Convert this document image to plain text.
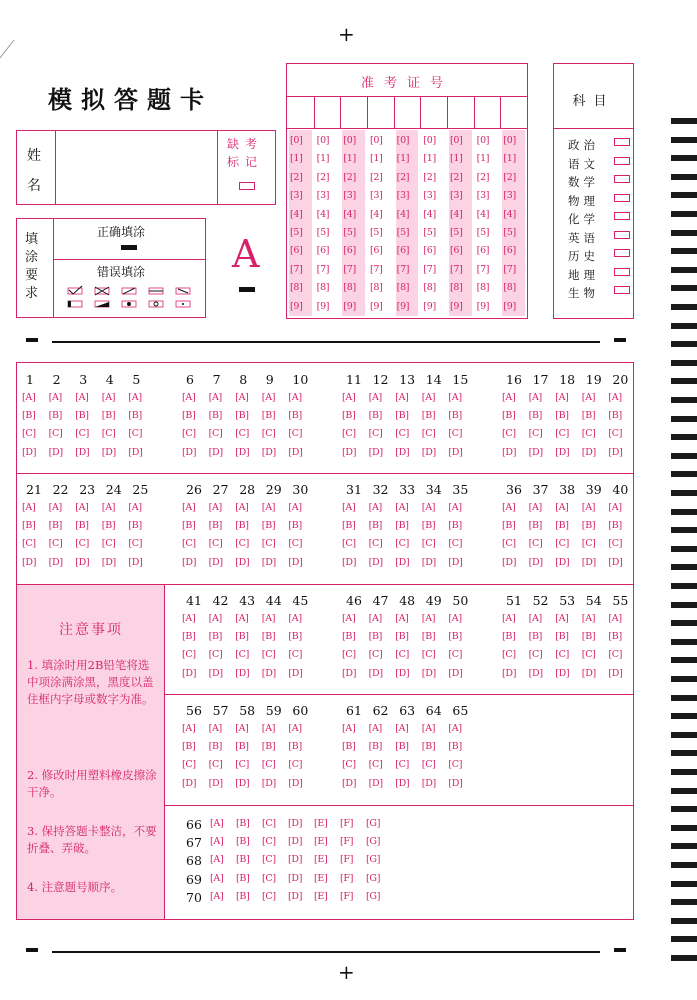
+
+
模拟答题卡
姓
名
缺考
标记
填
涂
要
求
正确填涂
错误填涂 A
准考证号
[0] [0] [0] [0] [0] [0] [0] [0] [0]
[1] [1] [1] [1] [1] [1] [1] [1] [1]
[2] [2] [2] [2] [2] [2] [2] [2] [2]
[3] [3] [3] [3] [3] [3] [3] [3] [3]
[4] [4] [4] [4] [4] [4] [4] [4] [4]
[5] [5] [5] [5] [5] [5] [5] [5] [5]
[6] [6] [6] [6] [6] [6] [6] [6] [6]
[7] [7] [7] [7] [7] [7] [7] [7] [7]
[8] [8] [8] [8] [8] [8] [8] [8] [8]
[9] [9] [9] [9] [9] [9] [9] [9] [9]
科目
政治
语文
数学
物理
化学
英语
历史
地理
生物
注意事项
1. 填涂时用2B铅笔将选中项涂满涂黑，黑度以盖住框内字母或数字为准。
2. 修改时用塑料橡皮擦涂干净。
3. 保持答题卡整洁，不要折叠、弄破。
4. 注意题号顺序。
1
[A]
[B]
[C]
[D]
2
[A]
[B]
[C]
[D]
3
[A]
[B]
[C]
[D]
4
[A]
[B]
[C]
[D]
5
[A]
[B]
[C]
[D]
21
[A]
[B]
[C]
[D]
22
[A]
[B]
[C]
[D]
23
[A]
[B]
[C]
[D]
24
[A]
[B]
[C]
[D]
25
[A]
[B]
[C]
[D]
6
[A]
[B]
[C]
[D]
7
[A]
[B]
[C]
[D]
8
[A]
[B]
[C]
[D]
9
[A]
[B]
[C]
[D]
10
[A]
[B]
[C]
[D]
26
[A]
[B]
[C]
[D]
27
[A]
[B]
[C]
[D]
28
[A]
[B]
[C]
[D]
29
[A]
[B]
[C]
[D]
30
[A]
[B]
[C]
[D]
11
[A]
[B]
[C]
[D]
12
[A]
[B]
[C]
[D]
13
[A]
[B]
[C]
[D]
14
[A]
[B]
[C]
[D]
15
[A]
[B]
[C]
[D]
31
[A]
[B]
[C]
[D]
32
[A]
[B]
[C]
[D]
33
[A]
[B]
[C]
[D]
34
[A]
[B]
[C]
[D]
35
[A]
[B]
[C]
[D]
16
[A]
[B]
[C]
[D]
17
[A]
[B]
[C]
[D]
18
[A]
[B]
[C]
[D]
19
[A]
[B]
[C]
[D]
20
[A]
[B]
[C]
[D]
36
[A]
[B]
[C]
[D]
37
[A]
[B]
[C]
[D]
38
[A]
[B]
[C]
[D]
39
[A]
[B]
[C]
[D]
40
[A]
[B]
[C]
[D]
41
[A]
[B]
[C]
[D]
42
[A]
[B]
[C]
[D]
43
[A]
[B]
[C]
[D]
44
[A]
[B]
[C]
[D]
45
[A]
[B]
[C]
[D]
46
[A]
[B]
[C]
[D]
47
[A]
[B]
[C]
[D]
48
[A]
[B]
[C]
[D]
49
[A]
[B]
[C]
[D]
50
[A]
[B]
[C]
[D]
51
[A]
[B]
[C]
[D]
52
[A]
[B]
[C]
[D]
53
[A]
[B]
[C]
[D]
54
[A]
[B]
[C]
[D]
55
[A]
[B]
[C]
[D]
56
[A]
[B]
[C]
[D]
57
[A]
[B]
[C]
[D]
58
[A]
[B]
[C]
[D]
59
[A]
[B]
[C]
[D]
60
[A]
[B]
[C]
[D]
61
[A]
[B]
[C]
[D]
62
[A]
[B]
[C]
[D]
63
[A]
[B]
[C]
[D]
64
[A]
[B]
[C]
[D]
65
[A]
[B]
[C]
[D]
66 [A] [B] [C] [D] [E] [F] [G]
67 [A] [B] [C] [D] [E] [F] [G]
68 [A] [B] [C] [D] [E] [F] [G]
69 [A] [B] [C] [D] [E] [F] [G]
70 [A] [B] [C] [D] [E] [F] [G]
